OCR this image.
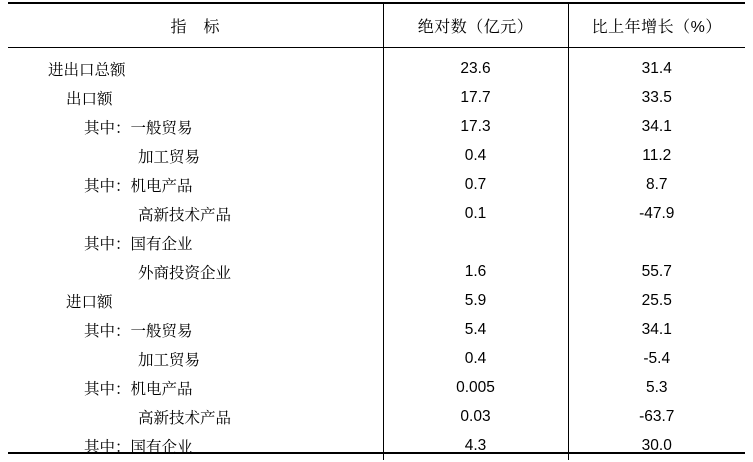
指　标	绝对数（亿元）	比上年增长（%）
进出口总额	23.6	31.4
出口额	17.7	33.5
其中：一般贸易	17.3	34.1
加工贸易	0.4	11.2
其中：机电产品	0.7	8.7
高新技术产品	0.1	-47.9
其中：国有企业		
外商投资企业	1.6	55.7
进口额	5.9	25.5
其中：一般贸易	5.4	34.1
加工贸易	0.4	-5.4
其中：机电产品	0.005	5.3
高新技术产品	0.03	-63.7
其中：国有企业	4.3	30.0
